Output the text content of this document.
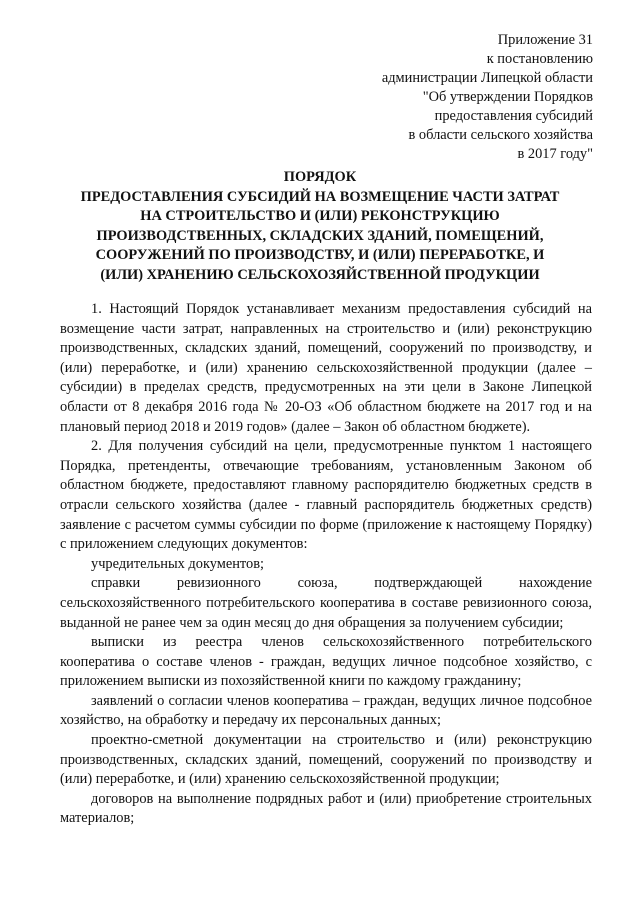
Приложение 31
к постановлению
администрации Липецкой области
"Об утверждении Порядков
предоставления субсидий
в области сельского хозяйства
в 2017 году"
ПОРЯДОК
ПРЕДОСТАВЛЕНИЯ СУБСИДИЙ НА ВОЗМЕЩЕНИЕ ЧАСТИ ЗАТРАТ
НА СТРОИТЕЛЬСТВО И (ИЛИ) РЕКОНСТРУКЦИЮ
ПРОИЗВОДСТВЕННЫХ, СКЛАДСКИХ ЗДАНИЙ, ПОМЕЩЕНИЙ,
СООРУЖЕНИЙ ПО ПРОИЗВОДСТВУ, И (ИЛИ) ПЕРЕРАБОТКЕ, И
(ИЛИ) ХРАНЕНИЮ СЕЛЬСКОХОЗЯЙСТВЕННОЙ ПРОДУКЦИИ

1. Настоящий Порядок устанавливает механизм предоставления субсидий на возмещение части затрат, направленных на строительство и (или) реконструкцию производственных, складских зданий, помещений, сооружений по производству, и (или) переработке, и (или) хранению сельскохозяйственной продукции (далее – субсидии) в пределах средств, предусмотренных на эти цели в Законе Липецкой области от 8 декабря 2016 года № 20-ОЗ «Об областном бюджете на 2017 год и на плановый период 2018 и 2019 годов» (далее – Закон об областном бюджете).

2. Для получения субсидий на цели, предусмотренные пунктом 1 настоящего Порядка, претенденты, отвечающие требованиям, установленным Законом об областном бюджете, предоставляют главному распорядителю бюджетных средств в отрасли сельского хозяйства (далее - главный распорядитель бюджетных средств) заявление с расчетом суммы субсидии по форме (приложение к настоящему Порядку) с приложением следующих документов:

учредительных документов;

справки ревизионного союза, подтверждающей нахождение сельскохозяйственного потребительского кооператива в составе ревизионного союза, выданной не ранее чем за один месяц до дня обращения за получением субсидии;

выписки из реестра членов сельскохозяйственного потребительского кооператива о составе членов - граждан, ведущих личное подсобное хозяйство, с приложением выписки из похозяйственной книги по каждому гражданину;

заявлений о согласии членов кооператива – граждан, ведущих личное подсобное хозяйство, на обработку и передачу их персональных данных;

проектно-сметной документации на строительство и (или) реконструкцию производственных, складских зданий, помещений, сооружений по производству и (или) переработке, и (или) хранению сельскохозяйственной продукции;

договоров на выполнение подрядных работ и (или) приобретение строительных материалов;
